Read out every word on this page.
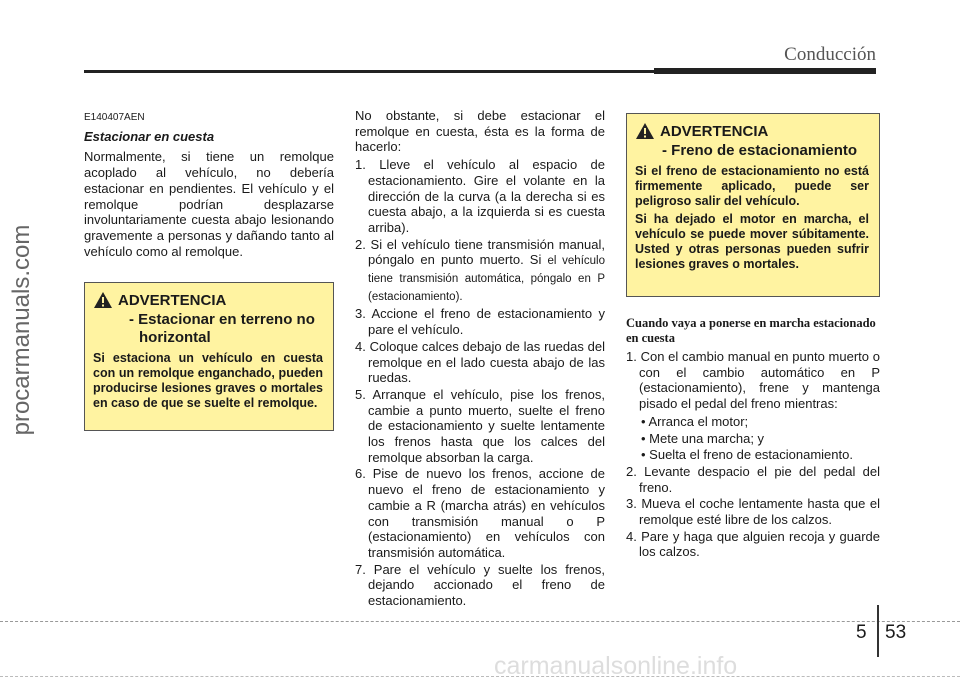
Conducción
procarmanuals.com
E140407AEN
Estacionar en cuesta

Normalmente, si tiene un remolque acoplado al vehículo, no debería estacionar en pendientes. El vehículo y el remolque podrían desplazarse involuntariamente cuesta abajo lesionando gravemente a personas y dañando tanto al vehículo como al remolque.

ADVERTENCIA
- Estacionar en terreno no
horizontal
Si estaciona un vehículo en cuesta con un remolque enganchado, pueden producirse lesiones graves o mortales en caso de que se suelte el remolque.

No obstante, si debe estacionar el remolque en cuesta, ésta es la forma de hacerlo:

1. Lleve el vehículo al espacio de estacionamiento. Gire el volante en la dirección de la curva (a la derecha si es cuesta abajo, a la izquierda si es cuesta arriba).
2. Si el vehículo tiene transmisión manual, póngalo en punto muerto. Si el vehículo tiene transmisión automática, póngalo en P (estacionamiento).
3. Accione el freno de estacionamiento y pare el vehículo.
4. Coloque calces debajo de las ruedas del remolque en el lado cuesta abajo de las ruedas.
5. Arranque el vehículo, pise los frenos, cambie a punto muerto, suelte el freno de estacionamiento y suelte lentamente los frenos hasta que los calces del remolque absorban la carga.
6. Pise de nuevo los frenos, accione de nuevo el freno de estacionamiento y cambie a R (marcha atrás) en vehículos con transmisión manual o P (estacionamiento) en vehículos con transmisión automática.
7. Pare el vehículo y suelte los frenos, dejando accionado el freno de estacionamiento.
ADVERTENCIA
- Freno de estacionamiento
Si el freno de estacionamiento no está firmemente aplicado, puede ser peligroso salir del vehículo.
Si ha dejado el motor en marcha, el vehículo se puede mover súbitamente. Usted y otras personas pueden sufrir lesiones graves o mortales.
Cuando vaya a ponerse en marcha estacionado en cuesta
1. Con el cambio manual en punto muerto o con el cambio automático en P (estacionamiento), frene y mantenga pisado el pedal del freno mientras:
• Arranca el motor;
• Mete una marcha; y
• Suelta el freno de estacionamiento.
2. Levante despacio el pie del pedal del freno.
3. Mueva el coche lentamente hasta que el remolque esté libre de los calzos.
4. Pare y haga que alguien recoja y guarde los calzos.
5 53
carmanualsonline.info
